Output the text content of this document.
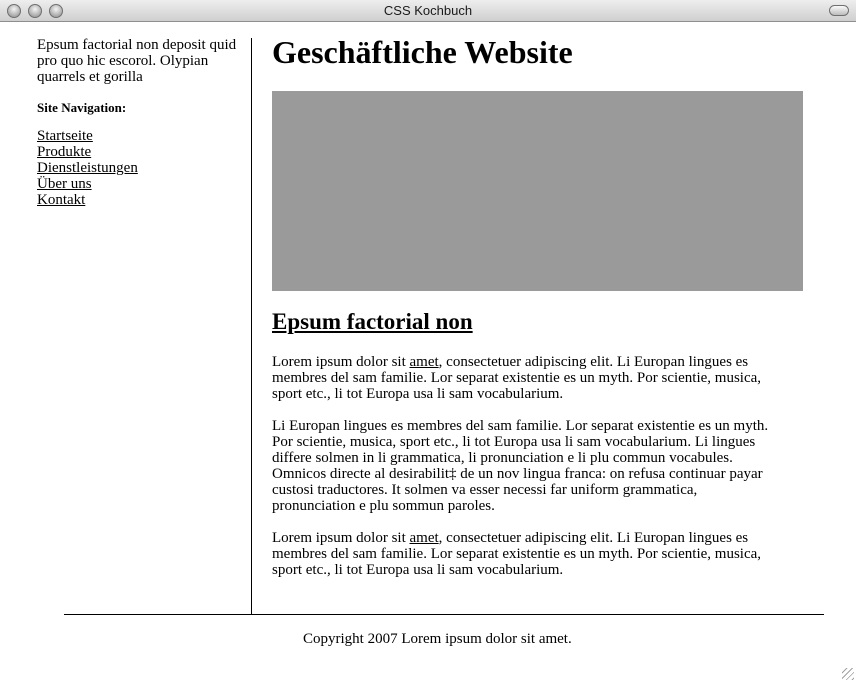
CSS Kochbuch

Epsum factorial non deposit quid
pro quo hic escorol. Olypian
quarrels et gorilla

Site Navigation:
Startseite
Produkte
Dienstleistungen
Über uns
Kontakt
Geschäftliche Website
Epsum factorial non

Lorem ipsum dolor sit amet, consectetuer adipiscing elit. Li Europan lingues es
membres del sam familie. Lor separat existentie es un myth. Por scientie, musica,
sport etc., li tot Europa usa li sam vocabularium.

Li Europan lingues es membres del sam familie. Lor separat existentie es un myth.
Por scientie, musica, sport etc., li tot Europa usa li sam vocabularium. Li lingues
differe solmen in li grammatica, li pronunciation e li plu commun vocabules.
Omnicos directe al desirabilit‡ de un nov lingua franca: on refusa continuar payar
custosi traductores. It solmen va esser necessi far uniform grammatica,
pronunciation e plu sommun paroles.

Lorem ipsum dolor sit amet, consectetuer adipiscing elit. Li Europan lingues es
membres del sam familie. Lor separat existentie es un myth. Por scientie, musica,
sport etc., li tot Europa usa li sam vocabularium.

Copyright 2007 Lorem ipsum dolor sit amet.
